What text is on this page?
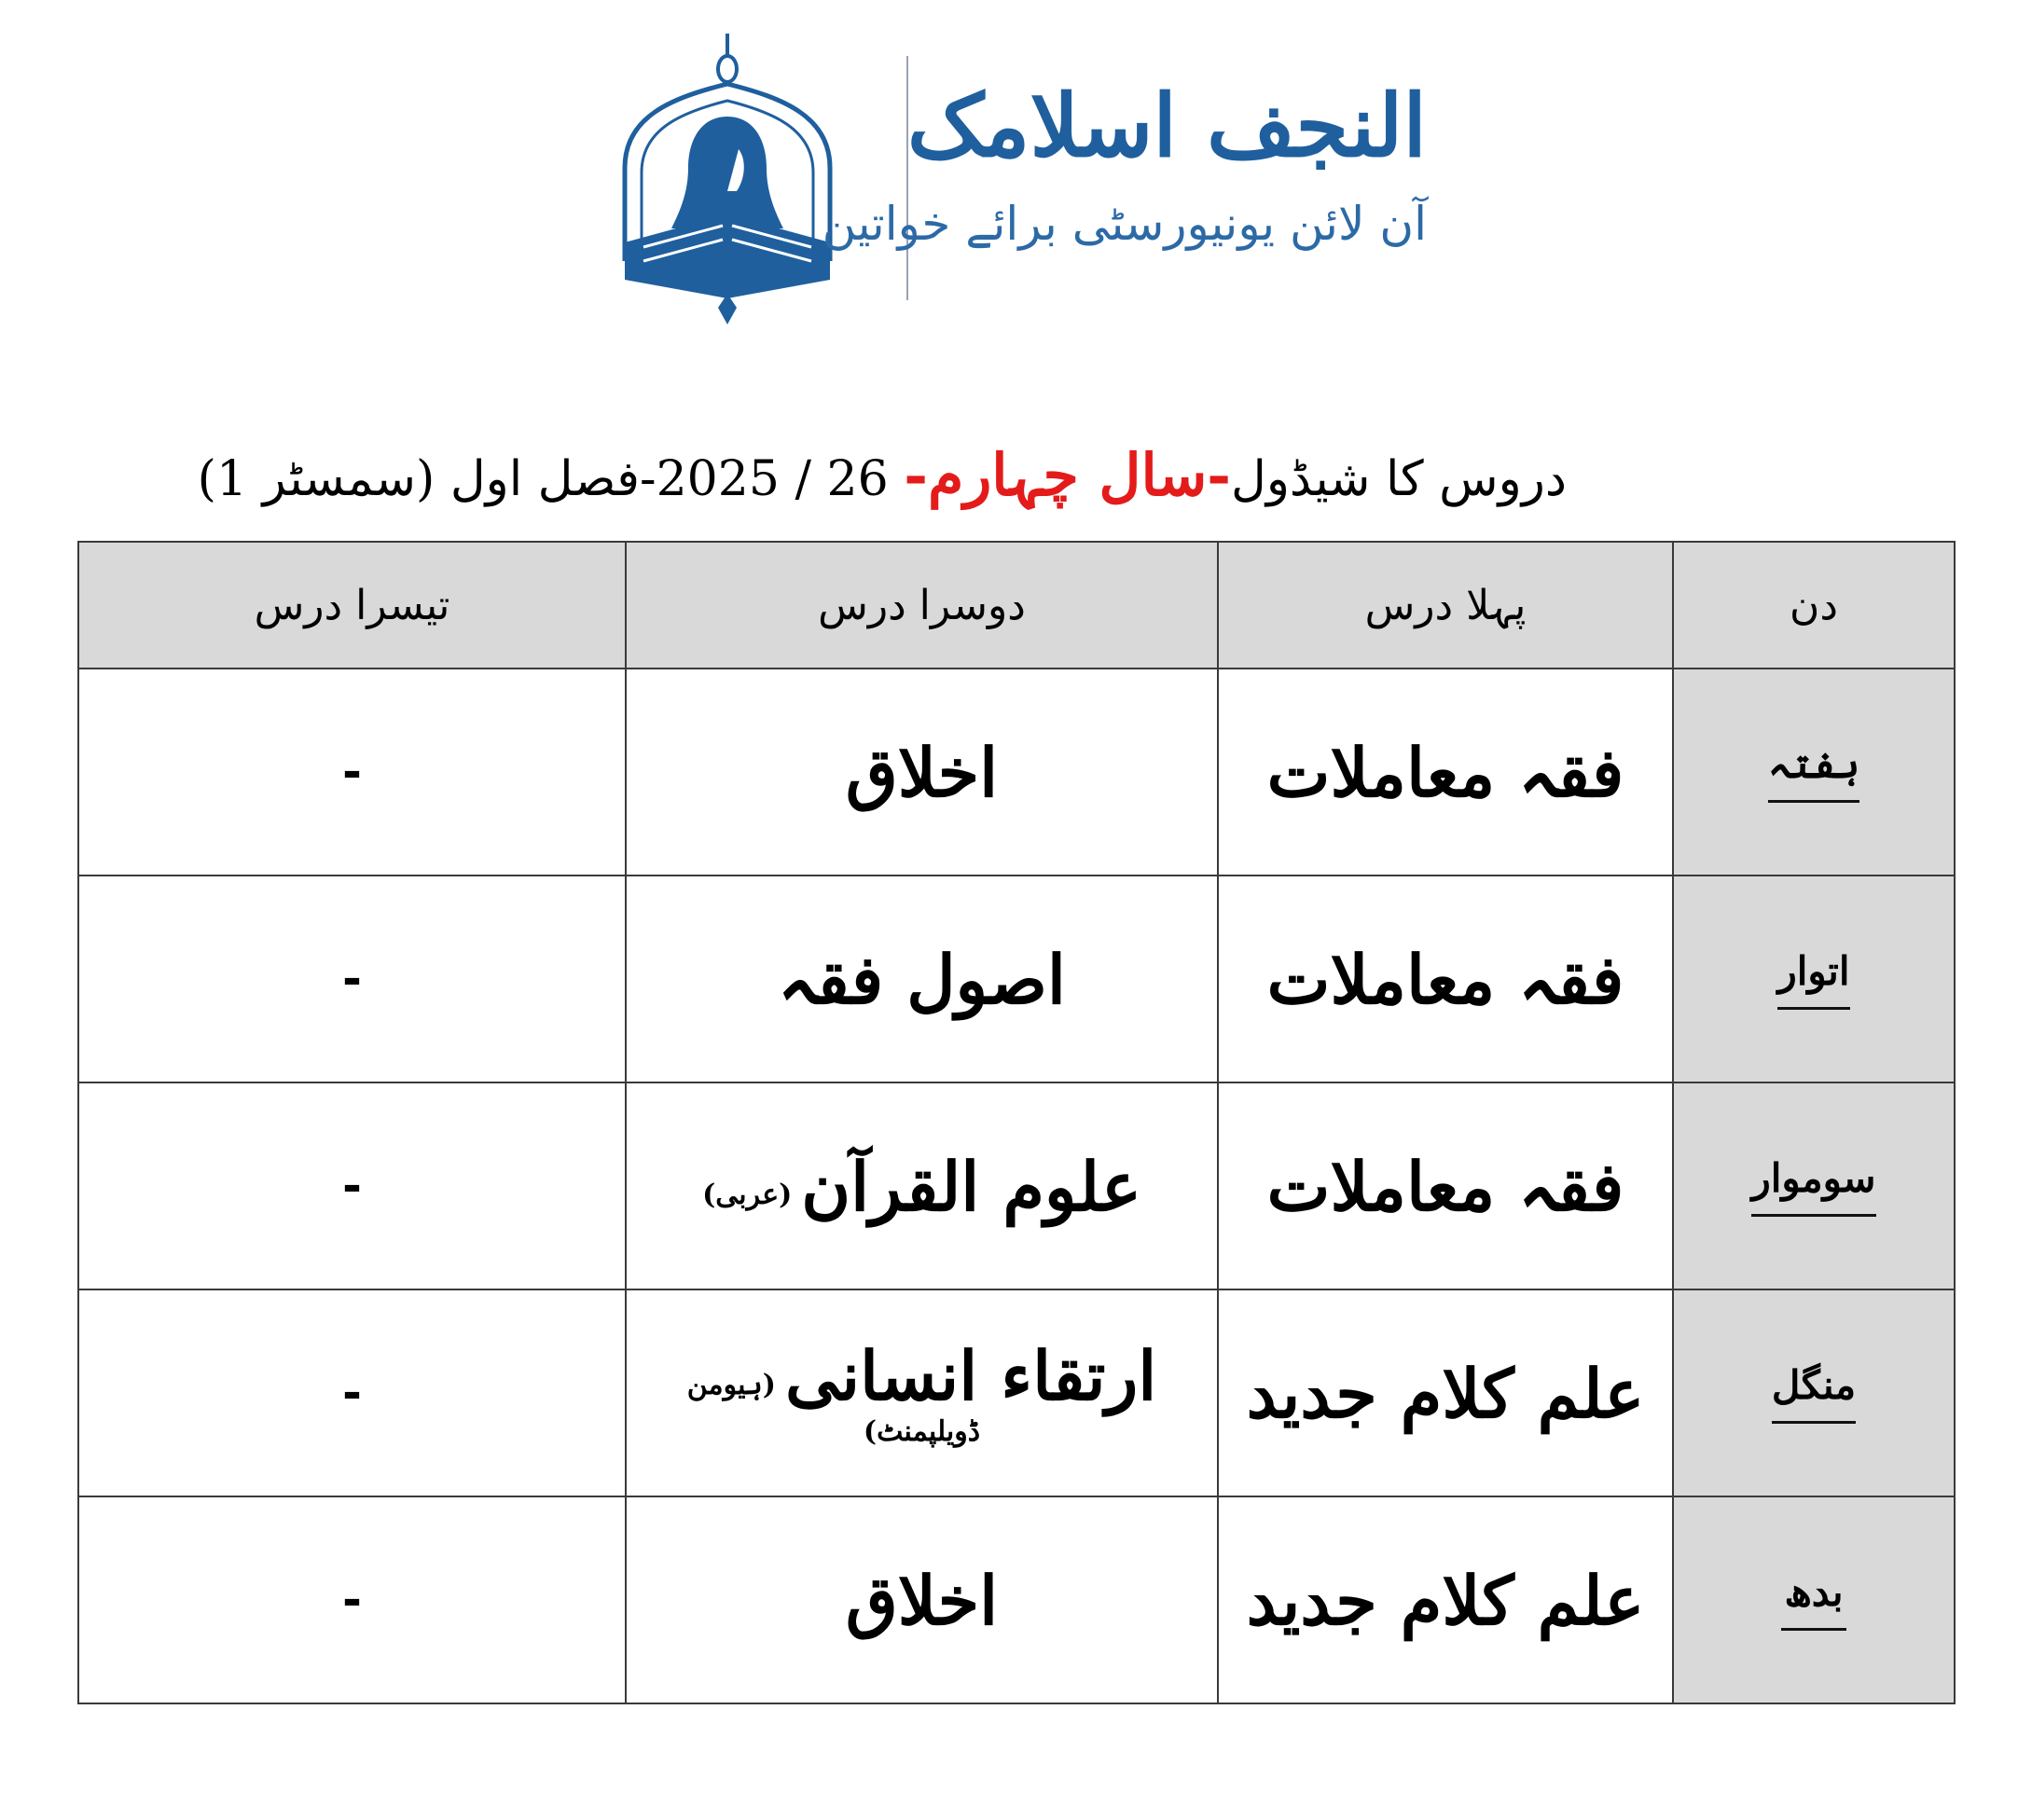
النجف اسلامک
آن لائن یونیورسٹی برائے خواتین
دروس کا شیڈول-سال چہارم- 26 / 2025-فصل اول (سمسٹر 1)
دن	پہلا درس	دوسرا درس	تیسرا درس
ہفتہ	فقہ معاملات	اخلاق	-
اتوار	فقہ معاملات	اصول فقہ	-
سوموار	فقہ معاملات	علوم القرآن(عربی)	-
منگل	علم کلام جدید	ارتقاء انسانی(ہیومن ڈویلپمنٹ)	-
بدھ	علم کلام جدید	اخلاق	-
